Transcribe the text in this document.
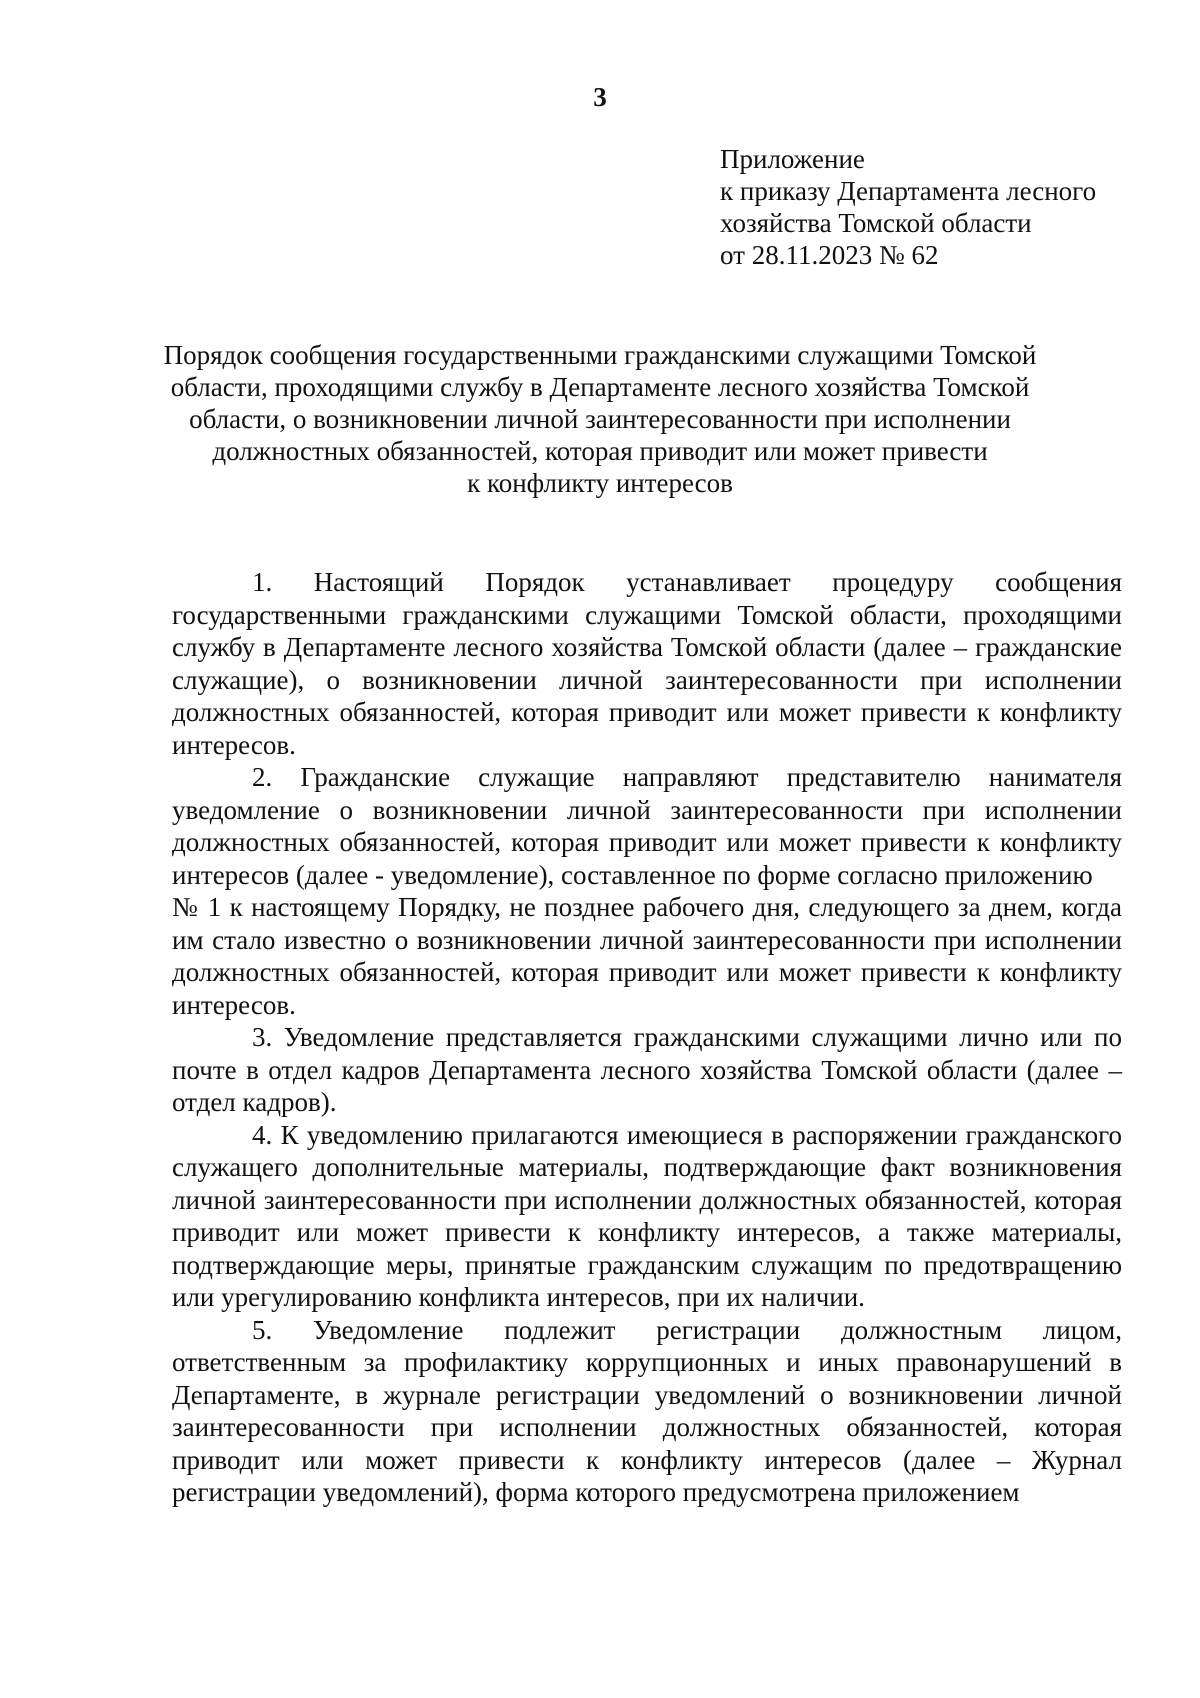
3
Приложение
к приказу Департамента лесного
хозяйства Томской области
от 28.11.2023 № 62
Порядок сообщения государственными гражданскими служащими Томской
области, проходящими службу в Департаменте лесного хозяйства Томской
области, о возникновении личной заинтересованности при исполнении
должностных обязанностей, которая приводит или может привести
к конфликту интересов

1. Настоящий Порядок устанавливает процедуру сообщения государственными гражданскими служащими Томской области, проходящими службу в Департаменте лесного хозяйства Томской области (далее – гражданские служащие), о возникновении личной заинтересованности при исполнении должностных обязанностей, которая приводит или может привести к конфликту интересов.

2. Гражданские служащие направляют представителю нанимателя уведомление о возникновении личной заинтересованности при исполнении должностных обязанностей, которая приводит или может привести к конфликту интересов (далее - уведомление), составленное по форме согласно приложению

№ 1 к настоящему Порядку, не позднее рабочего дня, следующего за днем, когда им стало известно о возникновении личной заинтересованности при исполнении должностных обязанностей, которая приводит или может привести к конфликту интересов.

3. Уведомление представляется гражданскими служащими лично или по почте в отдел кадров Департамента лесного хозяйства Томской области (далее – отдел кадров).

4. К уведомлению прилагаются имеющиеся в распоряжении гражданского служащего дополнительные материалы, подтверждающие факт возникновения личной заинтересованности при исполнении должностных обязанностей, которая приводит или может привести к конфликту интересов, а также материалы, подтверждающие меры, принятые гражданским служащим по предотвращению или урегулированию конфликта интересов, при их наличии.

5. Уведомление подлежит регистрации должностным лицом, ответственным за профилактику коррупционных и иных правонарушений в Департаменте, в журнале регистрации уведомлений о возникновении личной заинтересованности при исполнении должностных обязанностей, которая приводит или может привести к конфликту интересов (далее – Журнал регистрации уведомлений), форма которого предусмотрена приложением
